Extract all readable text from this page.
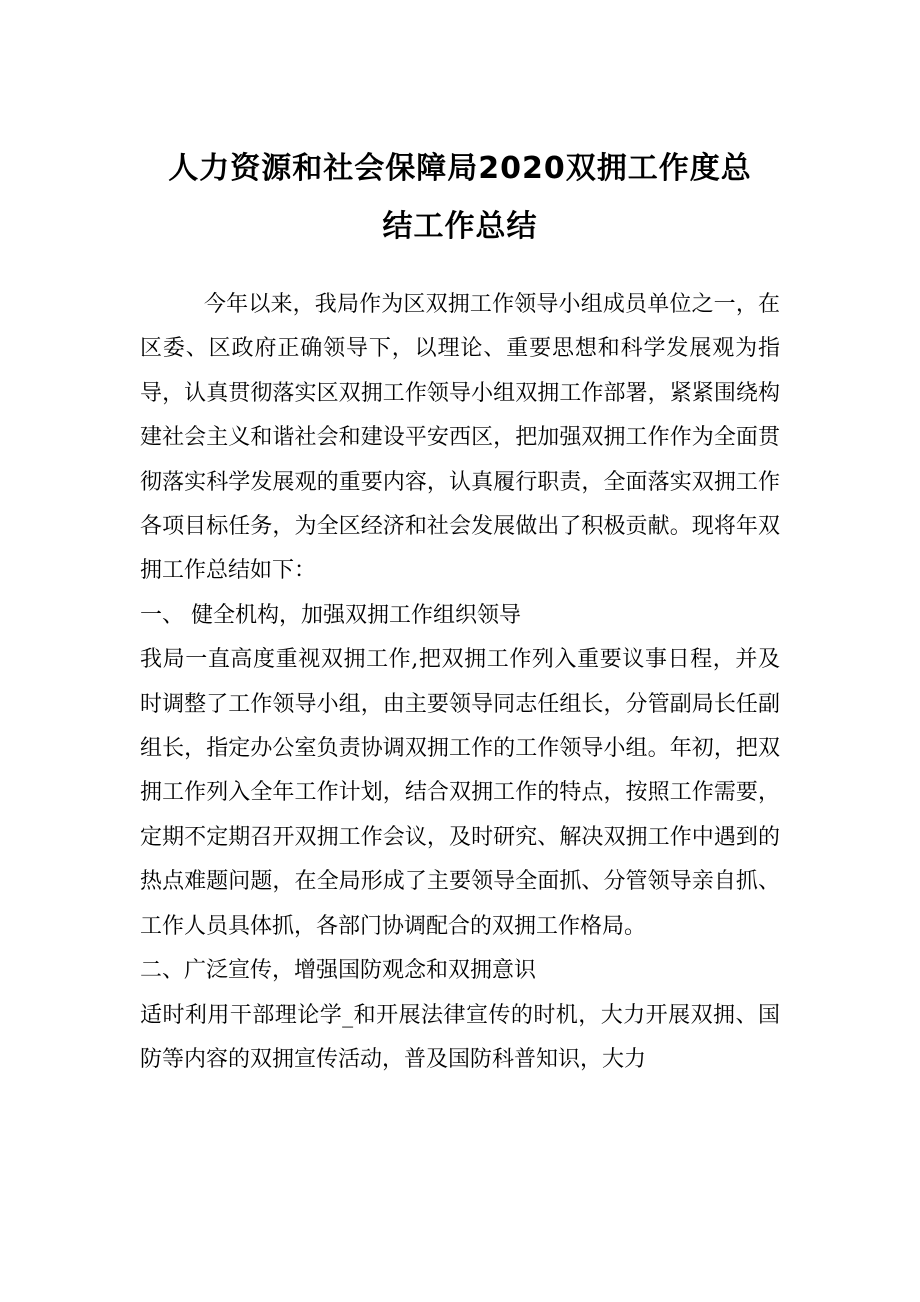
人力资源和社会保障局2020双拥工作度总
结工作总结

今年以来，我局作为区双拥工作领导小组成员单位之一，在区委、区政府正确领导下，以理论、重要思想和科学发展观为指导，认真贯彻落实区双拥工作领导小组双拥工作部署，紧紧围绕构建社会主义和谐社会和建设平安西区，把加强双拥工作作为全面贯彻落实科学发展观的重要内容，认真履行职责，全面落实双拥工作各项目标任务，为全区经济和社会发展做出了积极贡献。现将年双拥工作总结如下：

一、 健全机构，加强双拥工作组织领导

我局一直高度重视双拥工作,把双拥工作列入重要议事日程，并及时调整了工作领导小组，由主要领导同志任组长，分管副局长任副组长，指定办公室负责协调双拥工作的工作领导小组。年初，把双拥工作列入全年工作计划，结合双拥工作的特点，按照工作需要，定期不定期召开双拥工作会议，及时研究、解决双拥工作中遇到的热点难题问题，在全局形成了主要领导全面抓、分管领导亲自抓、工作人员具体抓，各部门协调配合的双拥工作格局。

二、广泛宣传，增强国防观念和双拥意识

适时利用干部理论学_和开展法律宣传的时机，大力开展双拥、国防等内容的双拥宣传活动，普及国防科普知识，大力
